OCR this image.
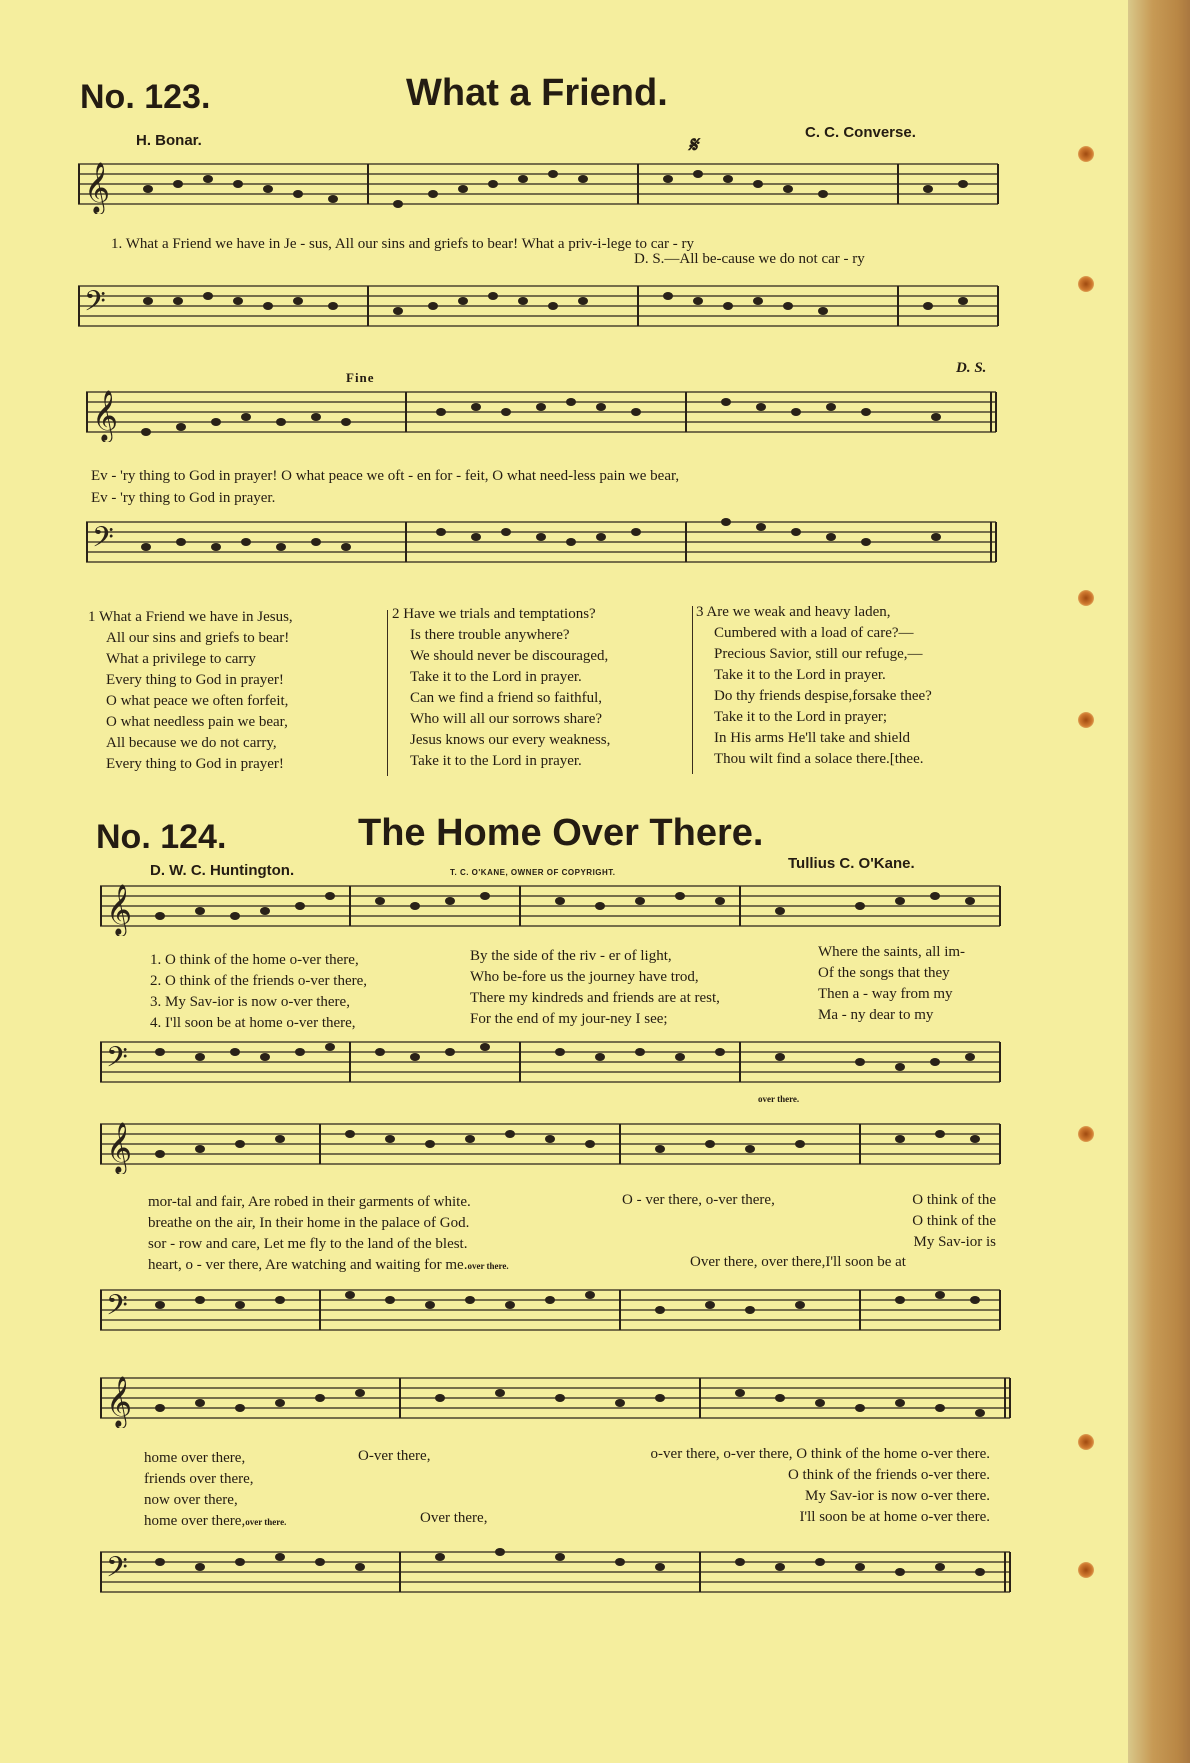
No. 123.	What a Friend.
H. Bonar.	C. C. Converse.
𝄋
𝄞
1. What a Friend we have in Je - sus, All our sins and griefs to bear! What a priv-i-lege to car - ry
D. S.—All be-cause we do not car - ry
𝄢
Fine
D. S.
𝄞
Ev - 'ry thing to God in prayer! O what peace we oft - en for - feit, O what need-less pain we bear,
Ev - 'ry thing to God in prayer.
𝄢
1 What a Friend we have in Jesus,
All our sins and griefs to bear!
What a privilege to carry
Every thing to God in prayer!
O what peace we often forfeit,
O what needless pain we bear,
All because we do not carry,
Every thing to God in prayer!
2 Have we trials and temptations?
Is there trouble anywhere?
We should never be discouraged,
Take it to the Lord in prayer.
Can we find a friend so faithful,
Who will all our sorrows share?
Jesus knows our every weakness,
Take it to the Lord in prayer.
3 Are we weak and heavy laden,
Cumbered with a load of care?—
Precious Savior, still our refuge,—
Take it to the Lord in prayer.
Do thy friends despise,forsake thee?
Take it to the Lord in prayer;
In His arms He'll take and shield
Thou wilt find a solace there.[thee.
No. 124.	The Home Over There.
D. W. C. Huntington.	T. C. O'KANE, OWNER OF COPYRIGHT.
Tullius C. O'Kane.
𝄞
1. O think of the home o-ver there,
2. O think of the friends o-ver there,
3. My Sav-ior is now o-ver there,
4. I'll soon be at home o-ver there,
By the side of the riv - er of light,
Who be-fore us the journey have trod,
There my kindreds and friends are at rest,
For the end of my jour-ney I see;
Where the saints, all im-
Of the songs that they
Then a - way from my
Ma - ny dear to my
𝄢
over there.
𝄞
mor-tal and fair, Are robed in their garments of white.
breathe on the air, In their home in the palace of God.
sor - row and care, Let me fly to the land of the blest.
heart, o - ver there, Are watching and waiting for me.over there.
O - ver there, o-ver there,	O think of the
O think of the
My Sav-ior is
Over there, over there,I'll soon be at
𝄢
𝄞
home over there,
friends over there,
now over there,
home over there,over there.
O-ver there,
Over there,
o-ver there, o-ver there, O think of the home o-ver there.
O think of the friends o-ver there.
My Sav-ior is now o-ver there.
I'll soon be at home o-ver there.
𝄢
